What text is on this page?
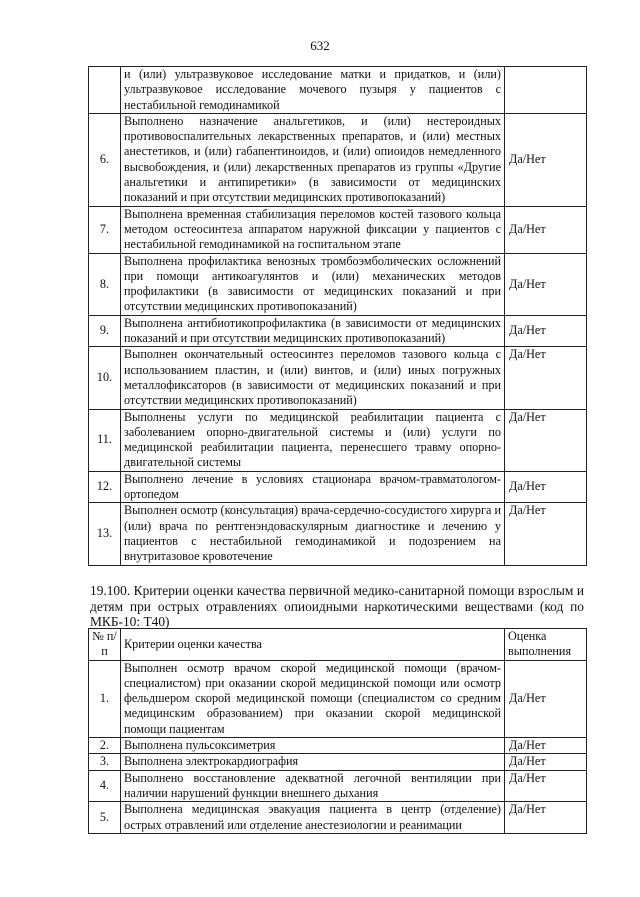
632
	и (или) ультразвуковое исследование матки и придатков, и (или) ультразвуковое исследование мочевого пузыря у пациентов с нестабильной гемодинамикой	
6.	Выполнено назначение анальгетиков, и (или) нестероидных противовоспалительных лекарственных препаратов, и (или) местных анестетиков, и (или) габапентиноидов, и (или) опиоидов немедленного высвобождения, и (или) лекарственных препаратов из группы «Другие анальгетики и антипиретики» (в зависимости от медицинских показаний и при отсутствии медицинских противопоказаний)	Да/Нет
7.	Выполнена временная стабилизация переломов костей тазового кольца методом остеосинтеза аппаратом наружной фиксации у пациентов с нестабильной гемодинамикой на госпитальном этапе	Да/Нет
8.	Выполнена профилактика венозных тромбоэмболических осложнений при помощи антикоагулянтов и (или) механических методов профилактики (в зависимости от медицинских показаний и при отсутствии медицинских противопоказаний)	Да/Нет
9.	Выполнена антибиотикопрофилактика (в зависимости от медицинских показаний и при отсутствии медицинских противопоказаний)	Да/Нет
10.	Выполнен окончательный остеосинтез переломов тазового кольца с использованием пластин, и (или) винтов, и (или) иных погружных металлофиксаторов (в зависимости от медицинских показаний и при отсутствии медицинских противопоказаний)	Да/Нет
11.	Выполнены услуги по медицинской реабилитации пациента с заболеванием опорно-двигательной системы и (или) услуги по медицинской реабилитации пациента, перенесшего травму опорно-двигательной системы	Да/Нет
12.	Выполнено лечение в условиях стационара врачом-травматологом-ортопедом	Да/Нет
13.	Выполнен осмотр (консультация) врача-сердечно-сосудистого хирурга и (или) врача по рентгенэндоваскулярным диагностике и лечению у пациентов с нестабильной гемодинамикой и подозрением на внутритазовое кровотечение	Да/Нет
19.100. Критерии оценки качества первичной медико-санитарной помощи взрослым и детям при острых отравлениях опиоидными наркотическими веществами (код по МКБ-10: T40)
№ п/п	Критерии оценки качества	Оценка выполнения
1.	Выполнен осмотр врачом скорой медицинской помощи (врачом-специалистом) при оказании скорой медицинской помощи или осмотр фельдшером скорой медицинской помощи (специалистом со средним медицинским образованием) при оказании скорой медицинской помощи пациентам	Да/Нет
2.	Выполнена пульсоксиметрия	Да/Нет
3.	Выполнена электрокардиография	Да/Нет
4.	Выполнено восстановление адекватной легочной вентиляции при наличии нарушений функции внешнего дыхания	Да/Нет
5.	Выполнена медицинская эвакуация пациента в центр (отделение) острых отравлений или отделение анестезиологии и реанимации	Да/Нет
